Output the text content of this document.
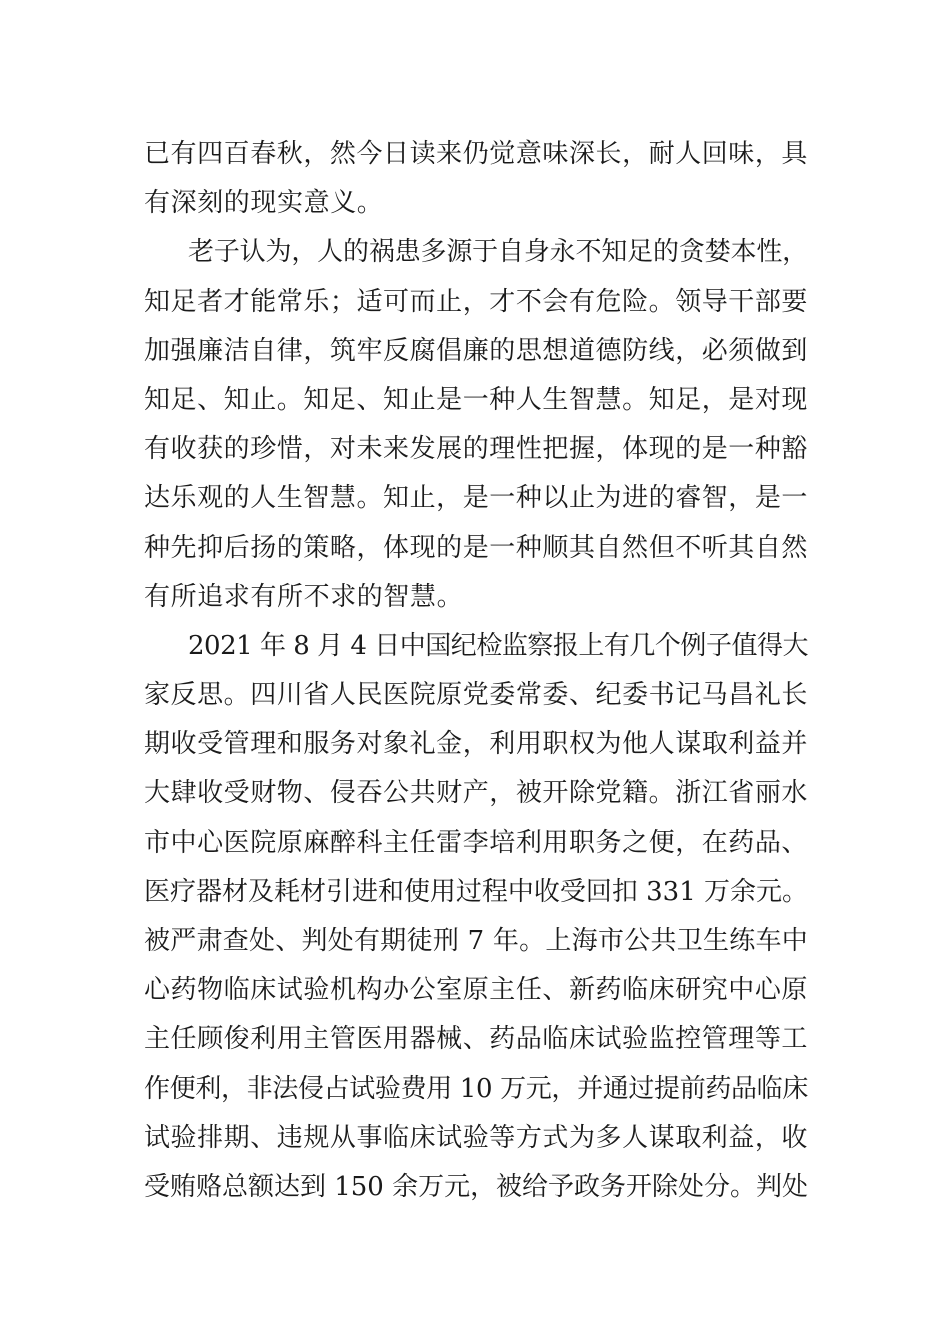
已有四百春秋，然今日读来仍觉意味深长，耐人回味，具
有深刻的现实意义。
老子认为，人的祸患多源于自身永不知足的贪婪本性，
知足者才能常乐；适可而止，才不会有危险。领导干部要
加强廉洁自律，筑牢反腐倡廉的思想道德防线，必须做到
知足、知止。知足、知止是一种人生智慧。知足，是对现
有收获的珍惜，对未来发展的理性把握，体现的是一种豁
达乐观的人生智慧。知止，是一种以止为进的睿智，是一
种先抑后扬的策略，体现的是一种顺其自然但不听其自然
有所追求有所不求的智慧。
2021 年 8 月 4 日中国纪检监察报上有几个例子值得大
家反思。四川省人民医院原党委常委、纪委书记马昌礼长
期收受管理和服务对象礼金，利用职权为他人谋取利益并
大肆收受财物、侵吞公共财产，被开除党籍。浙江省丽水
市中心医院原麻醉科主任雷李培利用职务之便，在药品、
医疗器材及耗材引进和使用过程中收受回扣 331 万余元。
被严肃查处、判处有期徒刑 7 年。上海市公共卫生练车中
心药物临床试验机构办公室原主任、新药临床研究中心原
主任顾俊利用主管医用器械、药品临床试验监控管理等工
作便利，非法侵占试验费用 10 万元，并通过提前药品临床
试验排期、违规从事临床试验等方式为多人谋取利益，收
受贿赂总额达到 150 余万元，被给予政务开除处分。判处
